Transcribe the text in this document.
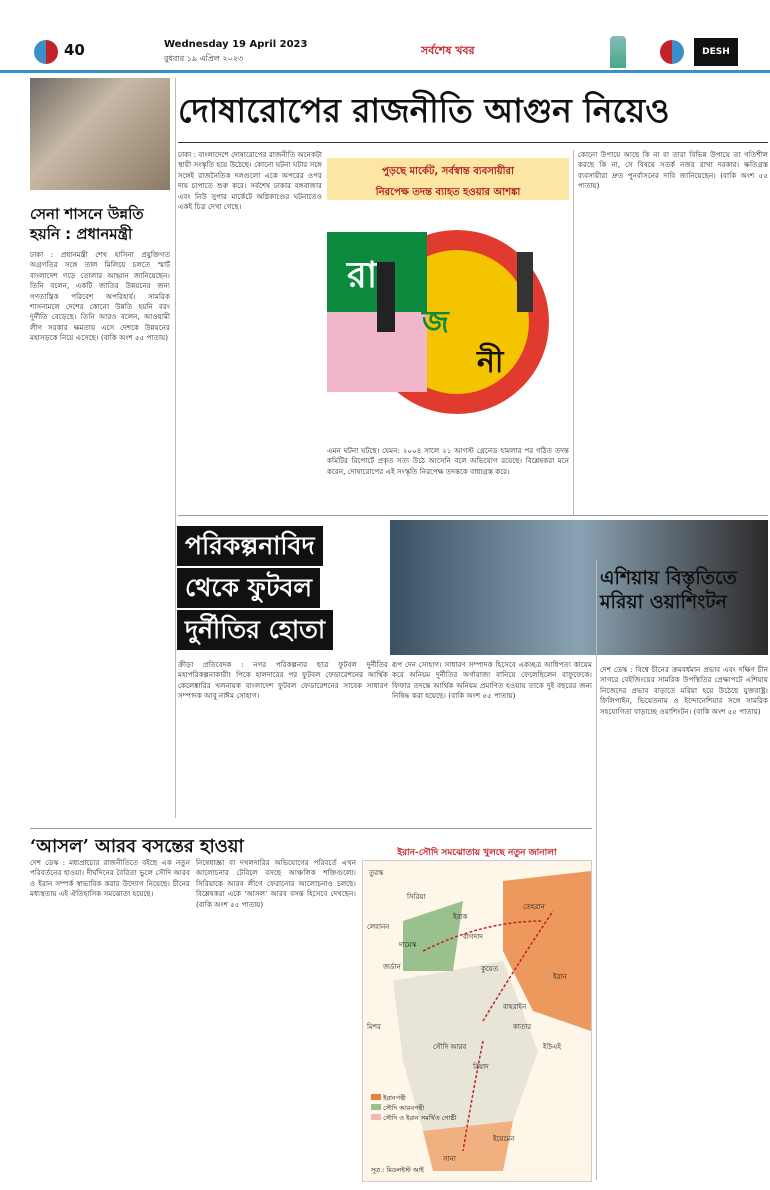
40	Wednesday 19 April 2023
বুধবার ১৯ এপ্রিল ২০২৩
সর্বশেষ খবর	DESH
দোষারোপের রাজনীতি আগুন নিয়েও
সেনা শাসনে উন্নতি হয়নি : প্রধানমন্ত্রী
ঢাকা : প্রধানমন্ত্রী শেখ হাসিনা প্রযুক্তিগত অগ্রগতির সঙ্গে তাল মিলিয়ে চলতে স্মার্ট বাংলাদেশ গড়ে তোলার আহ্বান জানিয়েছেন। তিনি বলেন, একটি জাতির উন্নয়নের জন্য গণতান্ত্রিক পরিবেশ অপরিহার্য। সামরিক শাসনামলে দেশের কোনো উন্নতি হয়নি বরং দুর্নীতি বেড়েছে। তিনি আরও বলেন, আওয়ামী লীগ সরকার ক্ষমতায় এসে দেশকে উন্নয়নের মহাসড়কে নিয়ে এসেছে। (বাকি অংশ ৫৫ পাতায়)
ঢাকা : বাংলাদেশে দোষারোপের রাজনীতি অনেকটা স্থায়ী সংস্কৃতি হয়ে উঠেছে। কোনো ঘটনা ঘটার সঙ্গে সঙ্গেই রাজনৈতিক দলগুলো একে অপরের ওপর দায় চাপাতে শুরু করে। সর্বশেষ ঢাকার বঙ্গবাজার এবং নিউ সুপার মার্কেটে অগ্নিকাণ্ডের ঘটনাতেও একই চিত্র দেখা গেছে।
পুড়ছে মার্কেট, সর্বস্বান্ত ব্যবসায়ীরা
নিরপেক্ষ তদন্ত ব্যাহত হওয়ার আশঙ্কা
রা
জ
নী
এমন ঘটনা ঘটছে। যেমন: ২০০৪ সালে ২১ আগস্ট গ্রেনেড হামলার পর গঠিত তদন্ত কমিটির রিপোর্টে প্রকৃত সত্য উঠে আসেনি বলে অভিযোগ রয়েছে। বিশ্লেষকরা মনে করেন, দোষারোপের এই সংস্কৃতি নিরপেক্ষ তদন্তকে বাধাগ্রস্ত করে।
কোনো উপায়ে আছে কি না বা তারা বিভিন্ন উপায়ে তা গতিশীল করছে কি না, সে বিষয়ে সতর্ক নজর রাখা দরকার। ক্ষতিগ্রস্ত ব্যবসায়ীরা দ্রুত পুনর্বাসনের দাবি জানিয়েছেন। (বাকি অংশ ৫৫ পাতায়)
পরিকল্পনাবিদ
থেকে ফুটবল
দুর্নীতির হোতা
ক্রীড়া প্রতিবেদক : নগর পরিকল্পনার ছাত্র ফুটবল দুর্নীতির মহাপরিকল্পনাকারী! পিকে হালদারের পর ফুটবল ফেডারেশনের আর্থিক কেলেঙ্কারির খলনায়ক বাংলাদেশ ফুটবল ফেডারেশনের সাবেক সাধারণ সম্পাদক আবু নাঈম সোহাগ।
রূপ দেন সোহাগ। সাধারণ সম্পাদক হিসেবে একচ্ছত্র আধিপত্য কায়েম করে অনিয়ম দুর্নীতির অর্গারাজ্য বানিয়ে ফেলেছিলেন বাফুফেকে। ফিফার তদন্তে আর্থিক অনিয়ম প্রমাণিত হওয়ায় তাকে দুই বছরের জন্য নিষিদ্ধ করা হয়েছে। (বাকি অংশ ৫৫ পাতায়)
এশিয়ায় বিস্তৃতিতে মরিয়া ওয়াশিংটন
দেশ ডেস্ক : বিশ্বে চীনের ক্রমবর্ধমান প্রভাব এবং দক্ষিণ চীন সাগরে বেইজিংয়ের সামরিক উপস্থিতির প্রেক্ষাপটে এশিয়ায় নিজেদের প্রভাব বাড়াতে মরিয়া হয়ে উঠেছে যুক্তরাষ্ট্র। ফিলিপাইন, ভিয়েতনাম ও ইন্দোনেশিয়ার সঙ্গে সামরিক সহযোগিতা বাড়াচ্ছে ওয়াশিংটন। (বাকি অংশ ৫৫ পাতায়)
‘আসল’ আরব বসন্তের হাওয়া
দেশ ডেস্ক : মধ্যপ্রাচ্যের রাজনীতিতে বইছে এক নতুন পরিবর্তনের হাওয়া। দীর্ঘদিনের বৈরিতা ভুলে সৌদি আরব ও ইরান সম্পর্ক স্বাভাবিক করার উদ্যোগ নিয়েছে। চীনের মধ্যস্থতায় এই ঐতিহাসিক সমঝোতা হয়েছে।
নিষেধাজ্ঞা বা দখলদারির অভিযোগের পরিবর্তে এখন আলোচনার টেবিলে বসছে আঞ্চলিক শক্তিগুলো। সিরিয়াকে আরব লীগে ফেরানোর আলোচনাও চলছে। বিশ্লেষকরা একে ‘আসল’ আরব বসন্ত হিসেবে দেখছেন। (বাকি অংশ ৫৫ পাতায়)
ইরান-সৌদি সমঝোতায় খুলছে নতুন জানালা
তুরস্ক
সিরিয়া
লেবানন
ইরাক
দামেস্ক
বাগদাদ
তেহরান
ইরান
জর্ডান	কুয়েত
সৌদি আরব
রিয়াদ
বাহরাইন
কাতার
ইউএই
মিশর
ইয়েমেন
সানা
ইরানপন্থী
সৌদি আরবপন্থী
সৌদি ও ইরান সমর্থিত গোষ্ঠী
সূত্র : মিডলইস্ট আই
